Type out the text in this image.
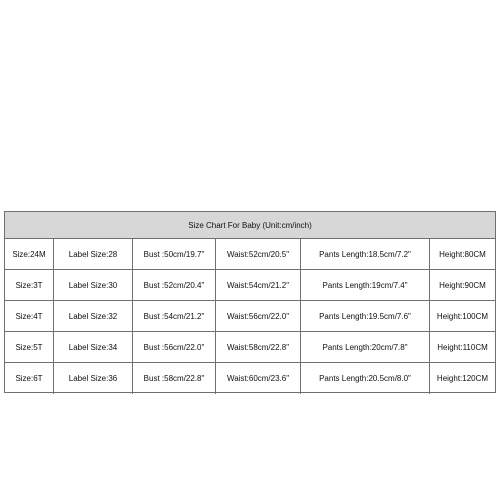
Size Chart For Baby (Unit:cm/inch)
Size:24M	Label Size:28	Bust :50cm/19.7"	Waist:52cm/20.5"	Pants Length:18.5cm/7.2"	Height:80CM
Size:3T	Label Size:30	Bust :52cm/20.4"	Waist:54cm/21.2"	Pants Length:19cm/7.4"	Height:90CM
Size:4T	Label Size:32	Bust :54cm/21.2"	Waist:56cm/22.0"	Pants Length:19.5cm/7.6"	Height:100CM
Size:5T	Label Size:34	Bust :56cm/22.0"	Waist:58cm/22.8"	Pants Length:20cm/7.8"	Height:110CM
Size:6T	Label Size:36	Bust :58cm/22.8"	Waist:60cm/23.6"	Pants Length:20.5cm/8.0"	Height:120CM
